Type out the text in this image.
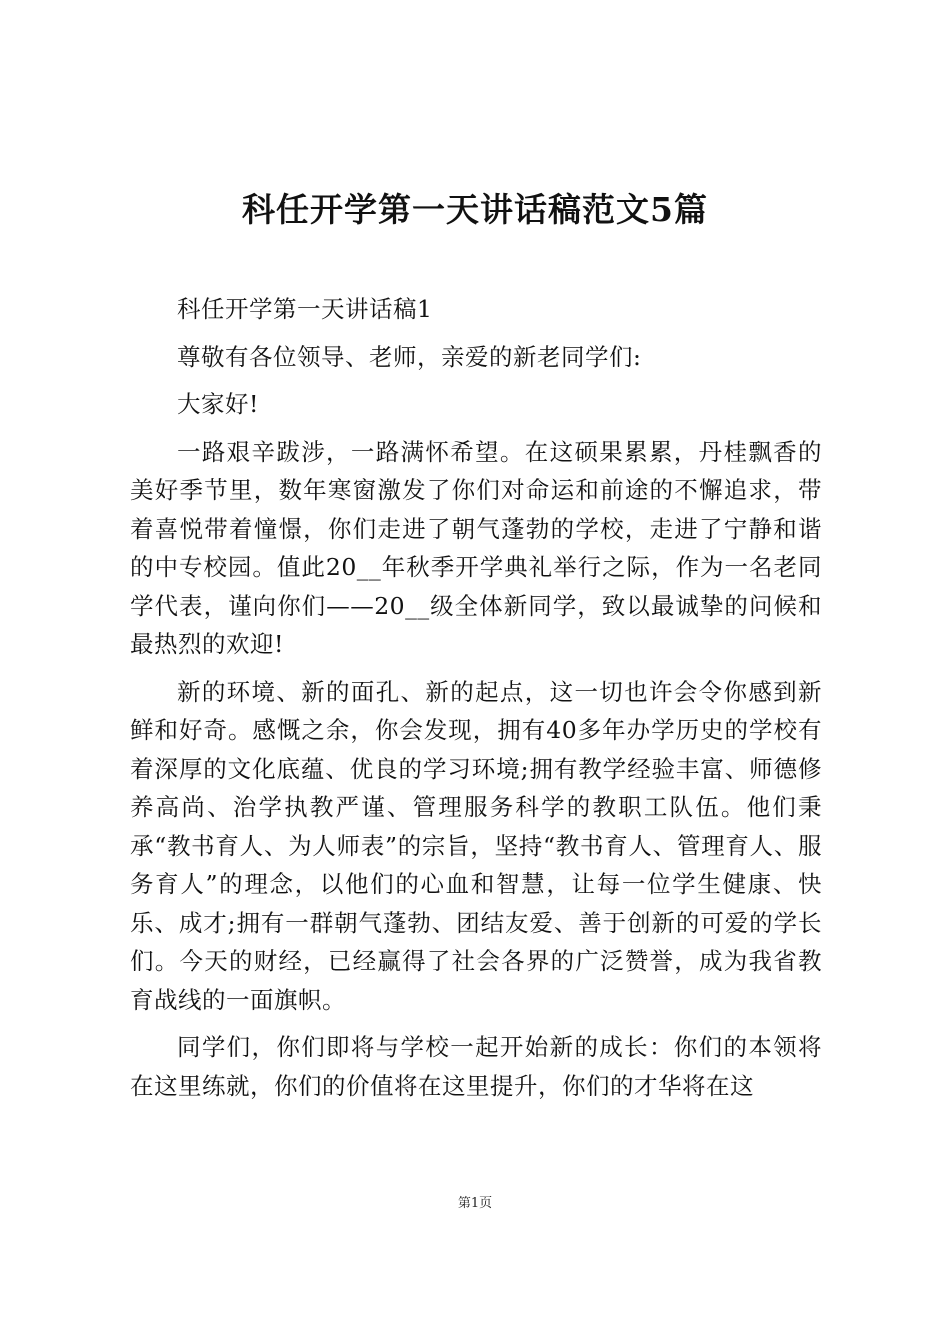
科任开学第一天讲话稿范文5篇

科任开学第一天讲话稿1

尊敬有各位领导、老师，亲爱的新老同学们:

大家好!

一路艰辛跋涉，一路满怀希望。在这硕果累累，丹桂飘香的美好季节里，数年寒窗激发了你们对命运和前途的不懈追求，带着喜悦带着憧憬，你们走进了朝气蓬勃的学校，走进了宁静和谐的中专校园。值此20__年秋季开学典礼举行之际，作为一名老同学代表，谨向你们——20__级全体新同学，致以最诚挚的问候和最热烈的欢迎!

新的环境、新的面孔、新的起点，这一切也许会令你感到新鲜和好奇。感慨之余，你会发现，拥有40多年办学历史的学校有着深厚的文化底蕴、优良的学习环境;拥有教学经验丰富、师德修养高尚、治学执教严谨、管理服务科学的教职工队伍。他们秉承“教书育人、为人师表”的宗旨，坚持“教书育人、管理育人、服务育人”的理念，以他们的心血和智慧，让每一位学生健康、快乐、成才;拥有一群朝气蓬勃、团结友爱、善于创新的可爱的学长们。今天的财经，已经赢得了社会各界的广泛赞誉，成为我省教育战线的一面旗帜。

同学们，你们即将与学校一起开始新的成长：你们的本领将在这里练就，你们的价值将在这里提升，你们的才华将在这

第1页
